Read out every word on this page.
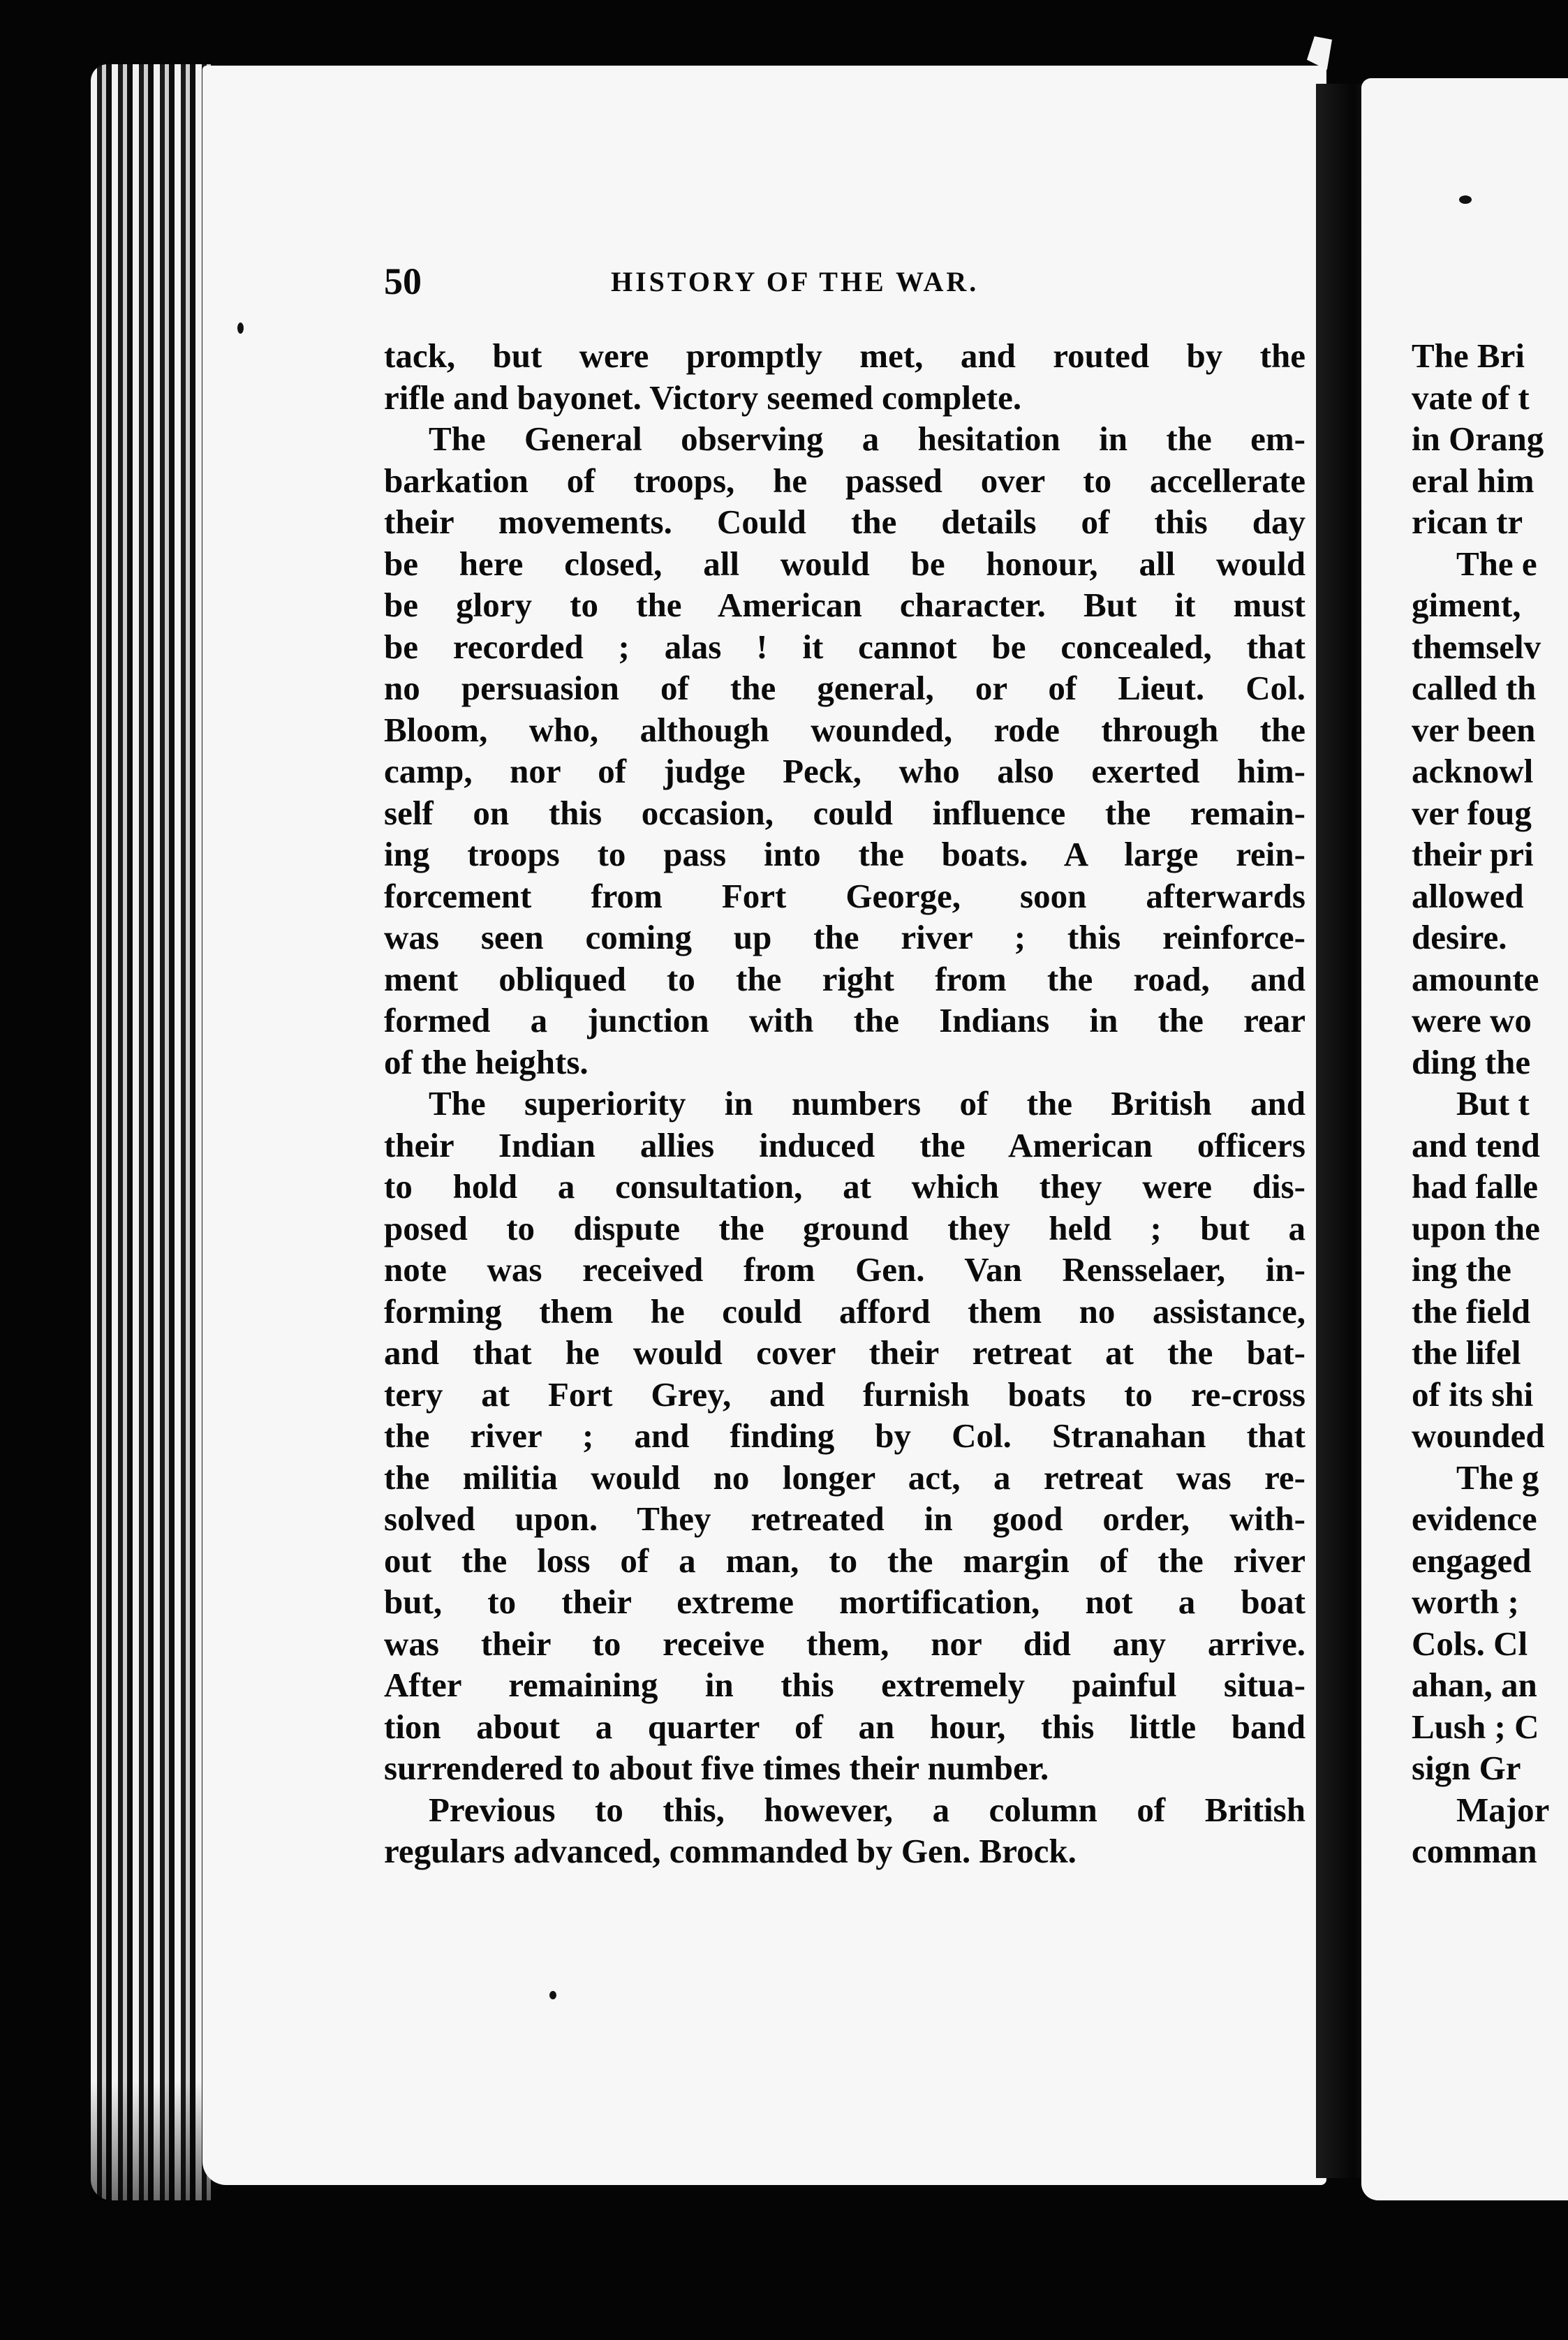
50	HISTORY OF THE WAR.
tack, but were promptly met, and routed by the
rifle and bayonet. Victory seemed complete.
The General observing a hesitation in the em-
barkation of troops, he passed over to accellerate
their movements. Could the details of this day
be here closed, all would be honour, all would
be glory to the American character. But it must
be recorded ; alas ! it cannot be concealed, that
no persuasion of the general, or of Lieut. Col.
Bloom, who, although wounded, rode through the
camp, nor of judge Peck, who also exerted him-
self on this occasion, could influence the remain-
ing troops to pass into the boats. A large rein-
forcement from Fort George, soon afterwards
was seen coming up the river ; this reinforce-
ment obliqued to the right from the road, and
formed a junction with the Indians in the rear
of the heights.
The superiority in numbers of the British and
their Indian allies induced the American officers
to hold a consultation, at which they were dis-
posed to dispute the ground they held ; but a
note was received from Gen. Van Rensselaer, in-
forming them he could afford them no assistance,
and that he would cover their retreat at the bat-
tery at Fort Grey, and furnish boats to re-cross
the river ; and finding by Col. Stranahan that
the militia would no longer act, a retreat was re-
solved upon. They retreated in good order, with-
out the loss of a man, to the margin of the river
but, to their extreme mortification, not a boat
was their to receive them, nor did any arrive.
After remaining in this extremely painful situa-
tion about a quarter of an hour, this little band
surrendered to about five times their number.
Previous to this, however, a column of British
regulars advanced, commanded by Gen. Brock.
The Bri
vate of t
in Orang
eral him
rican tr
The e
giment,
themselv
called th
ver been
acknowl
ver foug
their pri
allowed
desire.
amounte
were wo
ding the
But t
and tend
had falle
upon the
ing the
the field
the lifel
of its shi
wounded
The g
evidence
engaged
worth ;
Cols. Cl
ahan, an
Lush ; C
sign Gr
Major
comman
